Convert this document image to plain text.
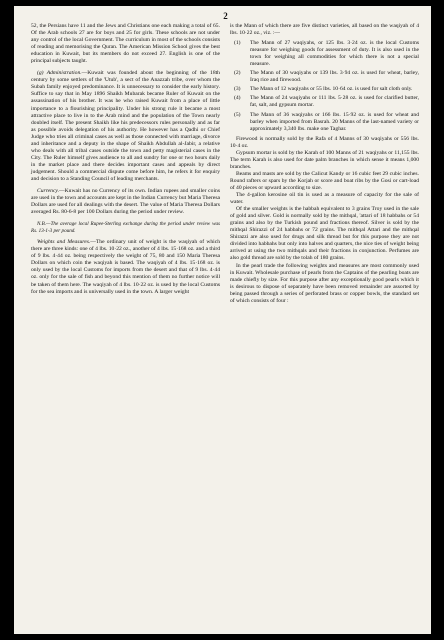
2

52, the Persians have 11 and the Jews and Christians one each making a total of 65. Of the Arab schools 27 are for boys and 25 for girls. These schools are not under any control of the local Government. The curriculum in most of the schools consists of reading and memorising the Quran. The American Mission School gives the best education in Kuwait, but its members do not exceed 27. English is one of the principal subjects taught.

(g) Administration.—Kuwait was founded about the beginning of the 18th century by some settlers of the 'Utub', a sect of the Anazzah tribe, over whom the Subah family enjoyed predominance. It is unnecessary to consider the early history. Suffice to say that in May 1896 Shaikh Mubarak became Ruler of Kuwait on the assassination of his brother. It was he who raised Kuwait from a place of little importance to a flourishing principality. Under his strong rule it became a most attractive place to live in to the Arab mind and the population of the Town nearly doubled itself. The present Shaikh like his predecessors rules personally and as far as possible avoids delegation of his authority. He however has a Qadhi or Chief Judge who tries all criminal cases as well as those connected with marriage, divorce and inheritance and a deputy in the shape of Shaikh Abdullah al-Jabir, a relative who deals with all tribal cases outside the town and petty magisterial cases in the City. The Ruler himself gives audience to all and sundry for one or two hours daily in the market place and there decides important cases and appeals by direct judgement. Should a commercial dispute come before him, he refers it for enquiry and decision to a Standing Council of leading merchants.

Currency.—Kuwait has no Currency of its own. Indian rupees and smaller coins are used in the town and accounts are kept in the Indian Currency but Maria Theresa Dollars are used for all dealings with the desert. The value of Maria Theresa Dollars averaged Rs. 80-6-8 per 100 Dollars during the period under review.

N.B.—The average local Rupee-Sterling exchange during the period under review was Rs. 13-1-3 per pound.

Weights and Measures.—The ordinary unit of weight is the waqiyah of which there are three kinds: one of 4 lbs. 10·22 oz., another of 4 lbs. 15·168 oz. and a third of 9 lbs. 4·44 oz. being respectively the weight of 75, 80 and 150 Maria Theresa Dollars on which coin the waqiyah is based. The waqiyah of 4 lbs. 15·168 oz. is only used by the local Customs for imports from the desert and that of 9 lbs. 4·44 oz. only for the sale of fish and beyond this mention of them no further notice will be taken of them here. The waqiyah of 4 lbs. 10·22 oz. is used by the local Customs for the sea imports and is universally used in the town. A larger weight

is the Mann of which there are five distinct varieties, all based on the waqiyah of 4 lbs. 10·22 oz., viz. :—

(1)	The Mann of 27 waqiyahs, or 125 lbs. 3·24 oz. is the local Customs measure for weighing goods for assessment of duty. It is also used in the town for weighing all commodities for which there is not a special measure.
(2)	The Mann of 30 waqiyahs or 139 lbs. 3·94 oz. is used for wheat, barley, Iraq rice and firewood.
(3)	The Mann of 12 waqiyahs or 55 lbs. 10·64 oz. is used for salt cloth only.
(4)	The Mann of 24 waqiyahs or 111 lbs. 5·28 oz. is used for clarified butter, fat, salt, and gypsum mortar.
(5)	The Mann of 36 waqiyahs or 166 lbs. 15·92 oz. is used for wheat and barley when imported from Basrah. 20 Manns of the last-named variety or approximately 3,340 lbs. make one Taghar.

Firewood is normally sold by the Rafa of 4 Manns of 30 waqiyahs or 556 lbs. 10·4 oz.

Gypsum mortar is sold by the Karah of 100 Manns of 21 waqiyahs or 11,155 lbs. The term Karah is also used for date palm branches in which sense it means 1,000 branches.

Beams and masts are sold by the Calicut Kandy or 16 cubic feet 29 cubic inches. Round rafters or spars by the Korjah or score and boat ribs by the Gosi or cart-load of 40 pieces or upward according to size.

The 4-gallon kerosine oil tin is used as a measure of capacity for the sale of water.

Of the smaller weights is the habbah equivalent to 3 grains Troy used in the sale of gold and silver. Gold is normally sold by the mithqal, 'attari of 18 habbahs or 54 grains and also by the Turkish pound and fractions thereof. Silver is sold by the mithqal Shirazzi of 24 habbahs or 72 grains. The mithqal Attari and the mithqal Shirazzi are also used for drugs and silk thread but for this purpose they are not divided into habbahs but only into halves and quarters, the nice ties of weight being arrived at using the two mithqals and their fractions in conjunction. Perfumes are also gold thread are sold by the tolah of 180 grains.

In the pearl trade the following weights and measures are most commonly used in Kuwait. Wholesale purchase of pearls from the Captains of the pearling boats are made chiefly by size. For this purpose after any exceptionally good pearls which it is desirous to dispose of separately have been removed remainder are assorted by being passed through a series of perforated brass or copper bowls, the standard set of which consists of four :
